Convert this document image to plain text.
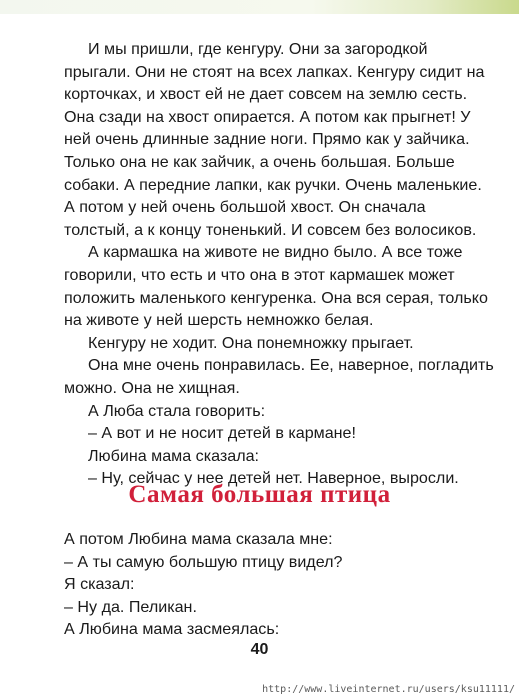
И мы пришли, где кенгуру. Они за загородкой прыгали. Они не стоят на всех лапках. Кенгуру сидит на корточках, и хвост ей не дает совсем на землю сесть. Она сзади на хвост опирается. А потом как прыгнет! У ней очень длинные задние ноги. Прямо как у зайчика. Только она не как зайчик, а очень большая. Больше собаки. А передние лапки, как ручки. Очень маленькие. А потом у ней очень большой хвост. Он сначала толстый, а к концу тоненький. И совсем без волосиков.

А кармашка на животе не видно было. А все тоже говорили, что есть и что она в этот кармашек может положить маленького кенгуренка. Она вся серая, только на животе у ней шерсть немножко белая.

Кенгуру не ходит. Она понемножку прыгает.

Она мне очень понравилась. Ее, наверное, погладить можно. Она не хищная.

А Люба стала говорить:

– А вот и не носит детей в кармане!

Любина мама сказала:

– Ну, сейчас у нее детей нет. Наверное, выросли.

Самая большая птица

А потом Любина мама сказала мне:

– А ты самую большую птицу видел?

Я сказал:

– Ну да. Пеликан.

А Любина мама засмеялась:

40
http://www.liveinternet.ru/users/ksu11111/
